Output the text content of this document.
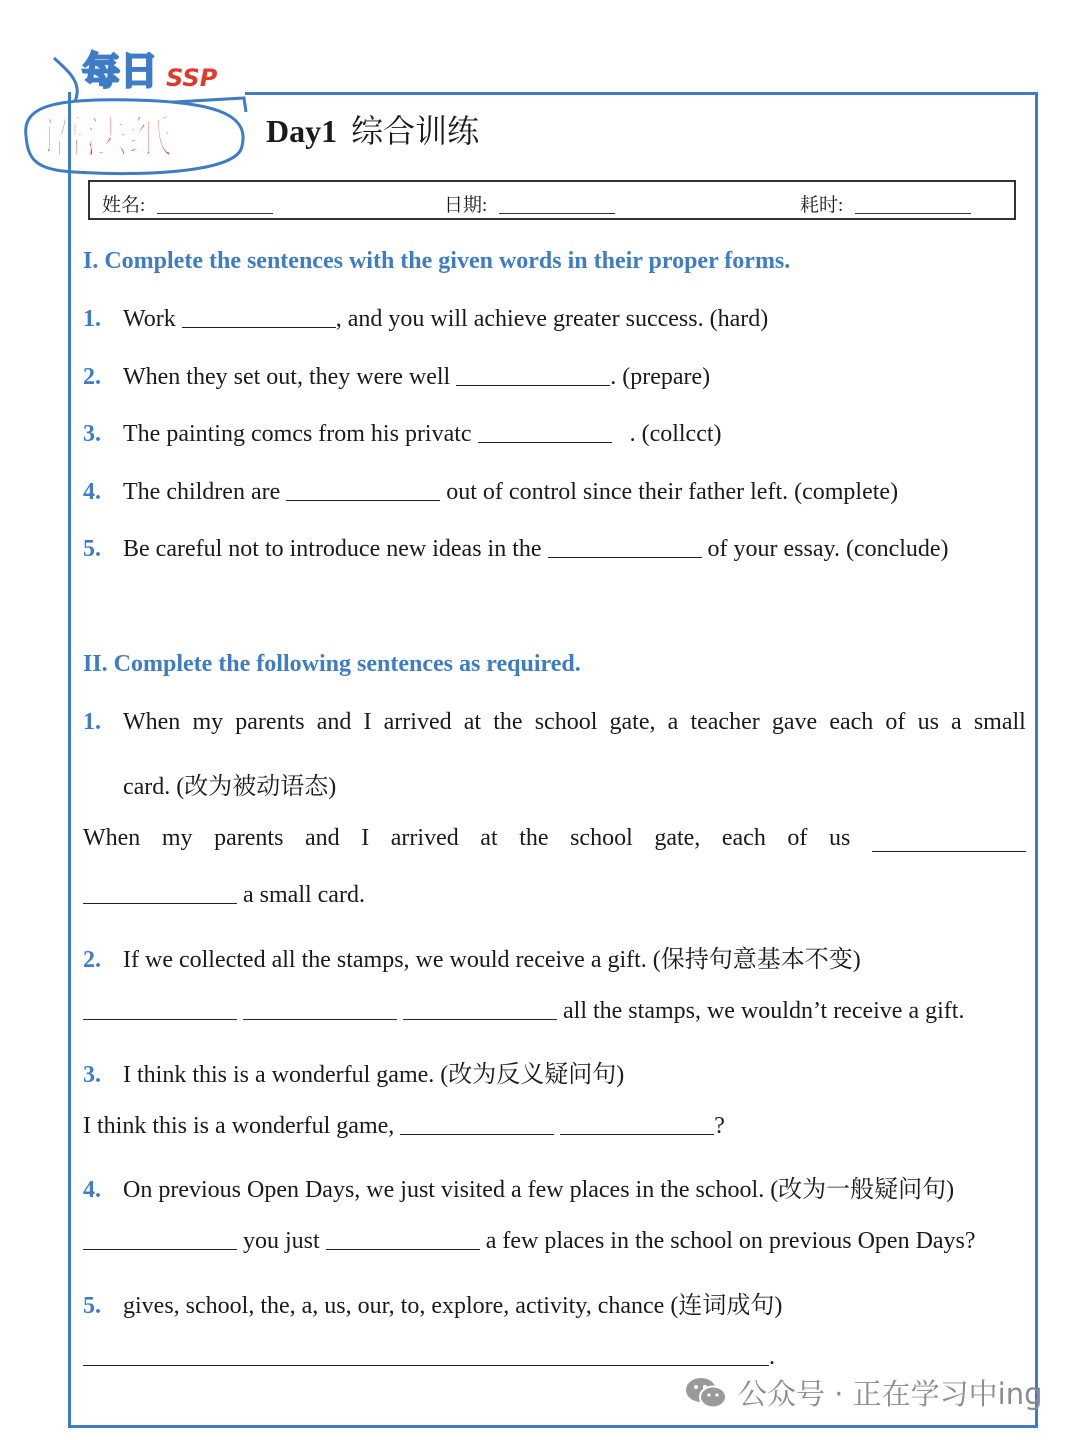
每日 SSP
语法纸	Day1 综合训练
姓名:	日期:	耗时:
I. Complete the sentences with the given words in their proper forms.
1. Work	, and you will achieve greater success. (hard)
2. When they set out, they were well	. (prepare)
3. The painting comcs from his privatc	. (collcct)
4. The children are	out of control since their father left. (complete)
5. Be careful not to introduce new ideas in the	of your essay. (conclude)
II. Complete the following sentences as required.
1. When my parents and I arrived at the school gate, a teacher gave each of us a small
card. (改为被动语态)
When my parents and I arrived at the school gate, each of us
a small card.
2. If we collected all the stamps, we would receive a gift. (保持句意基本不变)
all the stamps, we wouldn’t receive a gift.
3. I think this is a wonderful game. (改为反义疑问句)
I think this is a wonderful game,	?
4. On previous Open Days, we just visited a few places in the school. (改为一般疑问句)
you just	a few places in the school on previous Open Days?
5. gives, school, the, a, us, our, to, explore, activity, chance (连词成句)
.
公众号 · 正在学习中ing
